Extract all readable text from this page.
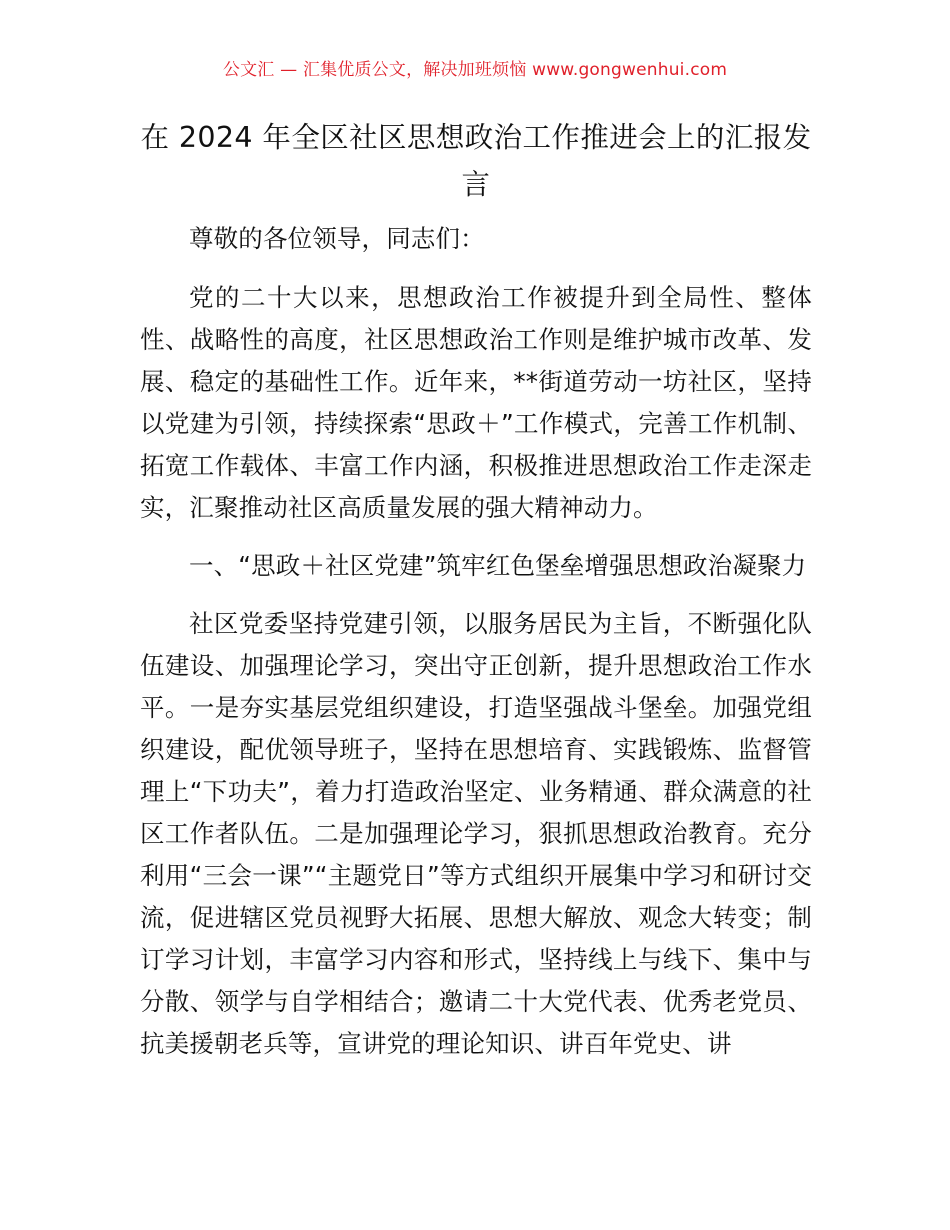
公文汇 — 汇集优质公文，解决加班烦恼 www.gongwenhui.com
在 2024 年全区社区思想政治工作推进会上的汇报发言

尊敬的各位领导，同志们：

党的二十大以来，思想政治工作被提升到全局性、整体性、战略性的高度，社区思想政治工作则是维护城市改革、发展、稳定的基础性工作。近年来，**街道劳动一坊社区，坚持以党建为引领，持续探索“思政＋”工作模式，完善工作机制、拓宽工作载体、丰富工作内涵，积极推进思想政治工作走深走实，汇聚推动社区高质量发展的强大精神动力。

一、“思政＋社区党建”筑牢红色堡垒增强思想政治凝聚力

社区党委坚持党建引领，以服务居民为主旨，不断强化队伍建设、加强理论学习，突出守正创新，提升思想政治工作水平。一是夯实基层党组织建设，打造坚强战斗堡垒。加强党组织建设，配优领导班子，坚持在思想培育、实践锻炼、监督管理上“下功夫”，着力打造政治坚定、业务精通、群众满意的社区工作者队伍。二是加强理论学习，狠抓思想政治教育。充分利用“三会一课”“主题党日”等方式组织开展集中学习和研讨交流，促进辖区党员视野大拓展、思想大解放、观念大转变；制订学习计划，丰富学习内容和形式，坚持线上与线下、集中与分散、领学与自学相结合；邀请二十大党代表、优秀老党员、抗美援朝老兵等，宣讲党的理论知识、讲百年党史、讲
